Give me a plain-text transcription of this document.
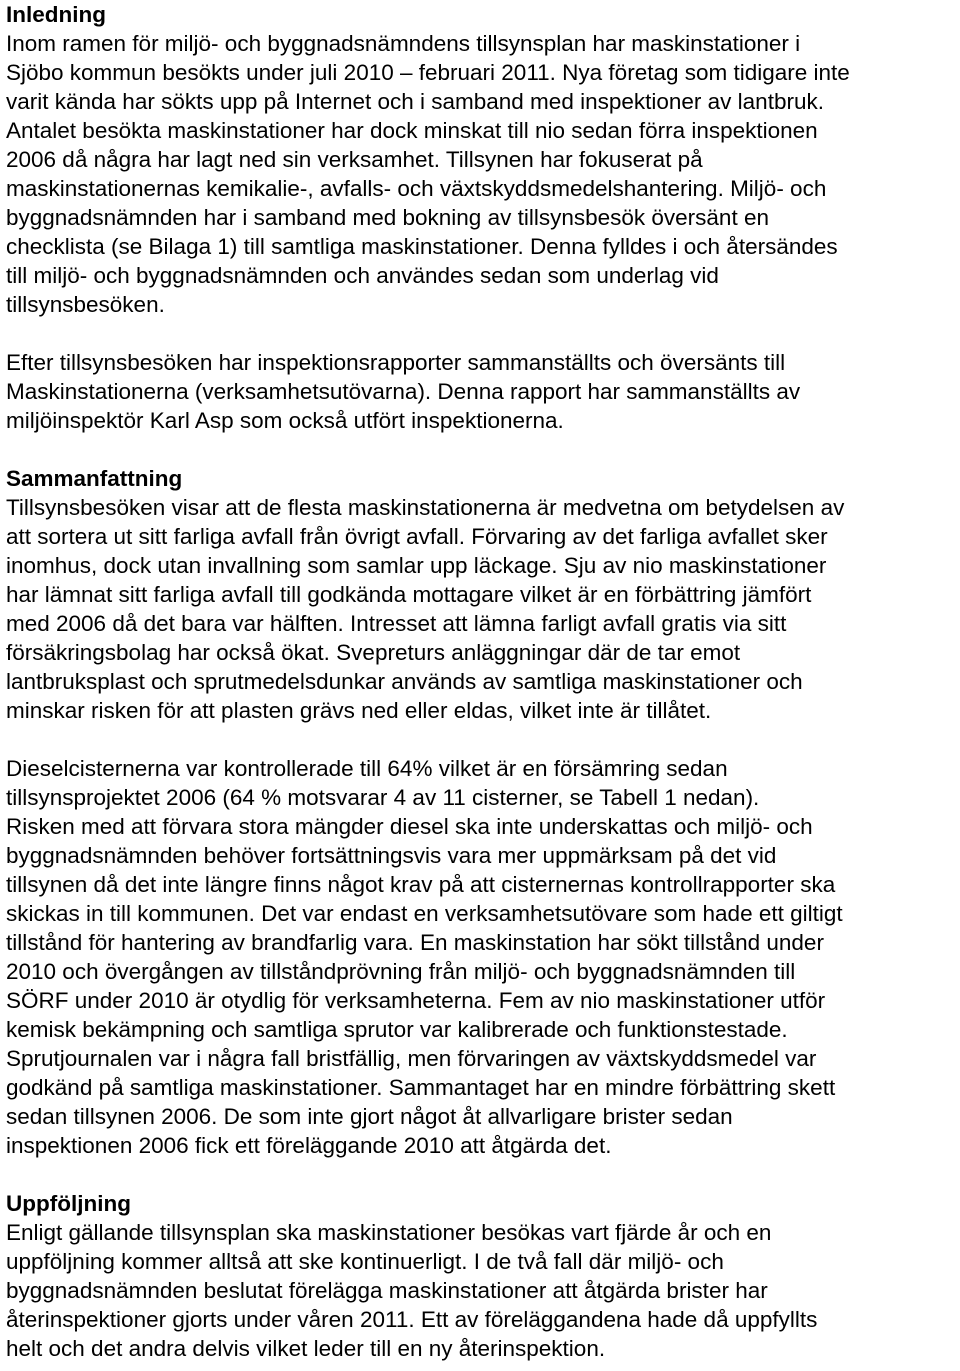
Inledning

Inom ramen för miljö- och byggnadsnämndens tillsynsplan har maskinstationer i
Sjöbo kommun besökts under juli 2010 – februari 2011. Nya företag som tidigare inte
varit kända har sökts upp på Internet och i samband med inspektioner av lantbruk.
Antalet besökta maskinstationer har dock minskat till nio sedan förra inspektionen
2006 då några har lagt ned sin verksamhet. Tillsynen har fokuserat på
maskinstationernas kemikalie-, avfalls- och växtskyddsmedelshantering. Miljö- och
byggnadsnämnden har i samband med bokning av tillsynsbesök översänt en
checklista (se Bilaga 1) till samtliga maskinstationer. Denna fylldes i och återsändes
till miljö- och byggnadsnämnden och användes sedan som underlag vid
tillsynsbesöken.

Efter tillsynsbesöken har inspektionsrapporter sammanställts och översänts till
Maskinstationerna (verksamhetsutövarna). Denna rapport har sammanställts av
miljöinspektör Karl Asp som också utfört inspektionerna.

Sammanfattning

Tillsynsbesöken visar att de flesta maskinstationerna är medvetna om betydelsen av
att sortera ut sitt farliga avfall från övrigt avfall. Förvaring av det farliga avfallet sker
inomhus, dock utan invallning som samlar upp läckage. Sju av nio maskinstationer
har lämnat sitt farliga avfall till godkända mottagare vilket är en förbättring jämfört
med 2006 då det bara var hälften. Intresset att lämna farligt avfall gratis via sitt
försäkringsbolag har också ökat. Svepreturs anläggningar där de tar emot
lantbruksplast och sprutmedelsdunkar används av samtliga maskinstationer och
minskar risken för att plasten grävs ned eller eldas, vilket inte är tillåtet.

Dieselcisternerna var kontrollerade till 64% vilket är en försämring sedan
tillsynsprojektet 2006 (64 % motsvarar 4 av 11 cisterner, se Tabell 1 nedan).
Risken med att förvara stora mängder diesel ska inte underskattas och miljö- och
byggnadsnämnden behöver fortsättningsvis vara mer uppmärksam på det vid
tillsynen då det inte längre finns något krav på att cisternernas kontrollrapporter ska
skickas in till kommunen. Det var endast en verksamhetsutövare som hade ett giltigt
tillstånd för hantering av brandfarlig vara. En maskinstation har sökt tillstånd under
2010 och övergången av tillståndprövning från miljö- och byggnadsnämnden till
SÖRF under 2010 är otydlig för verksamheterna. Fem av nio maskinstationer utför
kemisk bekämpning och samtliga sprutor var kalibrerade och funktionstestade.
Sprutjournalen var i några fall bristfällig, men förvaringen av växtskyddsmedel var
godkänd på samtliga maskinstationer. Sammantaget har en mindre förbättring skett
sedan tillsynen 2006. De som inte gjort något åt allvarligare brister sedan
inspektionen 2006 fick ett föreläggande 2010 att åtgärda det.

Uppföljning

Enligt gällande tillsynsplan ska maskinstationer besökas vart fjärde år och en
uppföljning kommer alltså att ske kontinuerligt. I de två fall där miljö- och
byggnadsnämnden beslutat förelägga maskinstationer att åtgärda brister har
återinspektioner gjorts under våren 2011. Ett av föreläggandena hade då uppfyllts
helt och det andra delvis vilket leder till en ny återinspektion.
